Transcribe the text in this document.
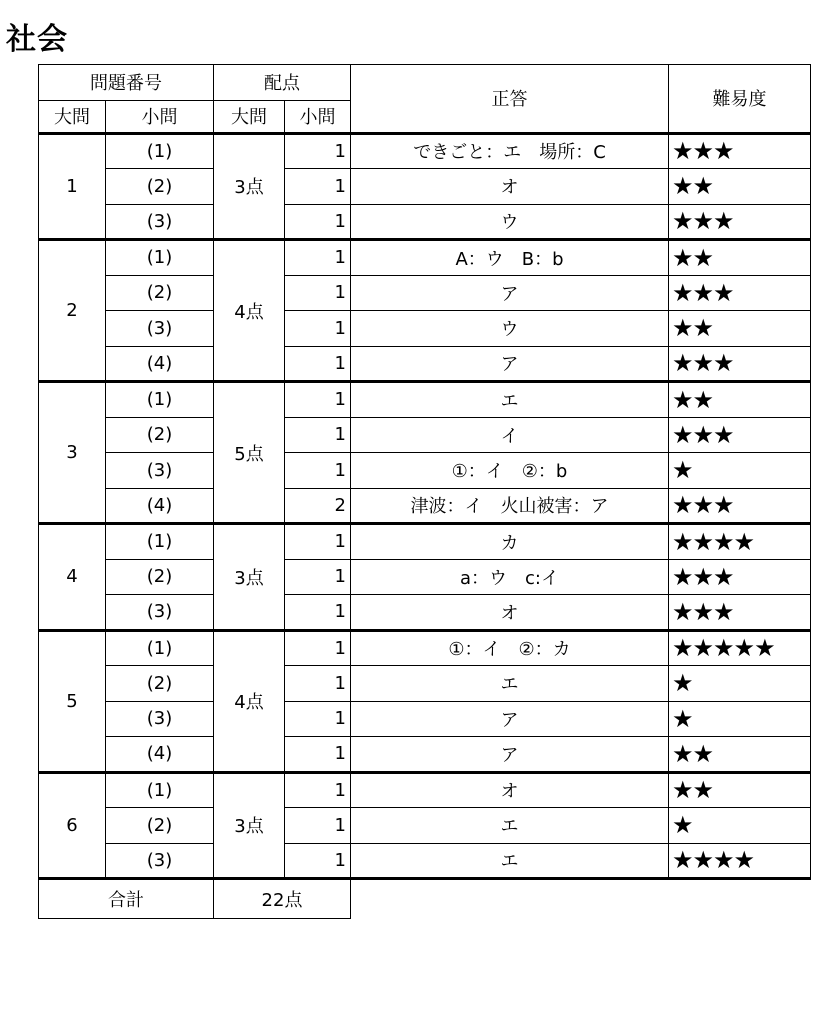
社会
問題番号		配点		正答	難易度
大問	小問	大問	小問		
1	(1)	3点	1	できごと：エ　場所：C	★★★
	(2)		1	オ	★★
	(3)		1	ウ	★★★
2	(1)	4点	1	A：ウ　B：b	★★
	(2)		1	ア	★★★
	(3)		1	ウ	★★
	(4)		1	ア	★★★
3	(1)	5点	1	エ	★★
	(2)		1	イ	★★★
	(3)		1	①：イ　②：b	★
	(4)		2	津波：イ　火山被害：ア	★★★
4	(1)	3点	1	カ	★★★★
	(2)		1	a：ウ　c:イ	★★★
	(3)		1	オ	★★★
5	(1)	4点	1	①：イ　②：カ	★★★★★
	(2)		1	エ	★
	(3)		1	ア	★
	(4)		1	ア	★★
6	(1)	3点	1	オ	★★
	(2)		1	エ	★
	(3)		1	エ	★★★★
合計		22点			
